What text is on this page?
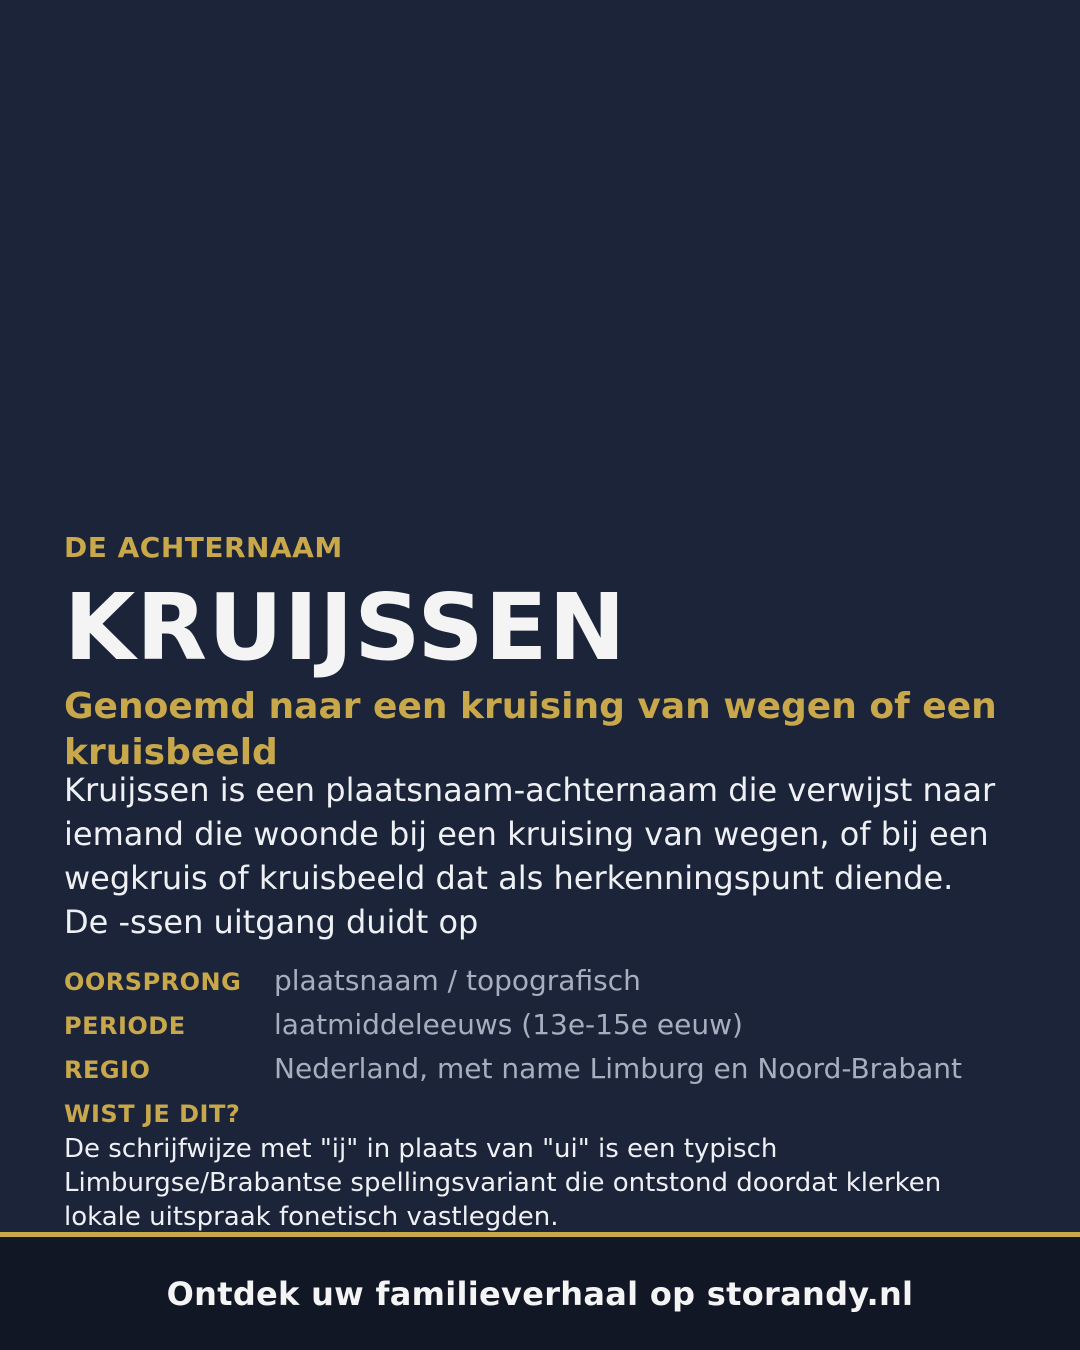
DE ACHTERNAAM
KRUIJSSEN
Genoemd naar een kruising van wegen of een kruisbeeld
Kruijssen is een plaatsnaam-achternaam die verwijst naar iemand die woonde bij een kruising van wegen, of bij een wegkruis of kruisbeeld dat als herkenningspunt diende. De -ssen uitgang duidt op
OORSPRONG plaatsnaam / topografisch
PERIODE	laatmiddeleeuws (13e-15e eeuw)
REGIO	Nederland, met name Limburg en Noord-Brabant
WIST JE DIT?
De schrijfwijze met "ij" in plaats van "ui" is een typisch Limburgse/Brabantse spellingsvariant die ontstond doordat klerken lokale uitspraak fonetisch vastlegden.
Ontdek uw familieverhaal op storandy.nl
